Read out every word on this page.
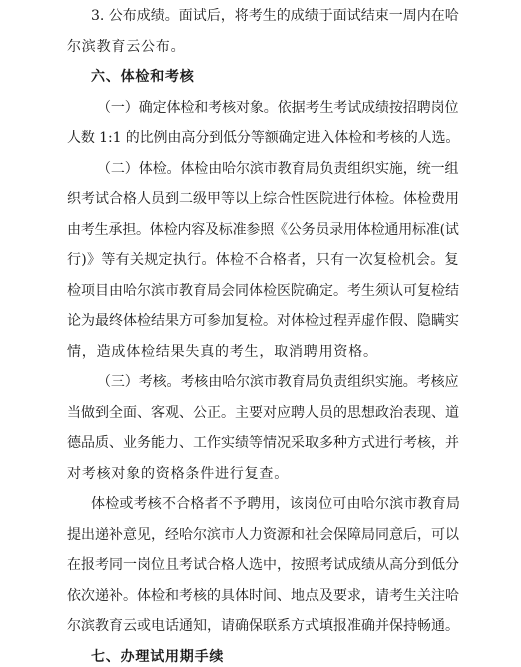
3. 公布成绩。面试后，将考生的成绩于面试结束一周内在哈
尔滨教育云公布。
六、体检和考核
（一）确定体检和考核对象。依据考生考试成绩按招聘岗位
人数 1:1 的比例由高分到低分等额确定进入体检和考核的人选。
（二）体检。体检由哈尔滨市教育局负责组织实施，统一组
织考试合格人员到二级甲等以上综合性医院进行体检。体检费用
由考生承担。体检内容及标准参照《公务员录用体检通用标准(试
行)》等有关规定执行。体检不合格者，只有一次复检机会。复
检项目由哈尔滨市教育局会同体检医院确定。考生须认可复检结
论为最终体检结果方可参加复检。对体检过程弄虚作假、隐瞒实
情，造成体检结果失真的考生，取消聘用资格。
（三）考核。考核由哈尔滨市教育局负责组织实施。考核应
当做到全面、客观、公正。主要对应聘人员的思想政治表现、道
德品质、业务能力、工作实绩等情况采取多种方式进行考核，并
对考核对象的资格条件进行复查。
体检或考核不合格者不予聘用，该岗位可由哈尔滨市教育局
提出递补意见，经哈尔滨市人力资源和社会保障局同意后，可以
在报考同一岗位且考试合格人选中，按照考试成绩从高分到低分
依次递补。体检和考核的具体时间、地点及要求，请考生关注哈
尔滨教育云或电话通知，请确保联系方式填报准确并保持畅通。
七、办理试用期手续
